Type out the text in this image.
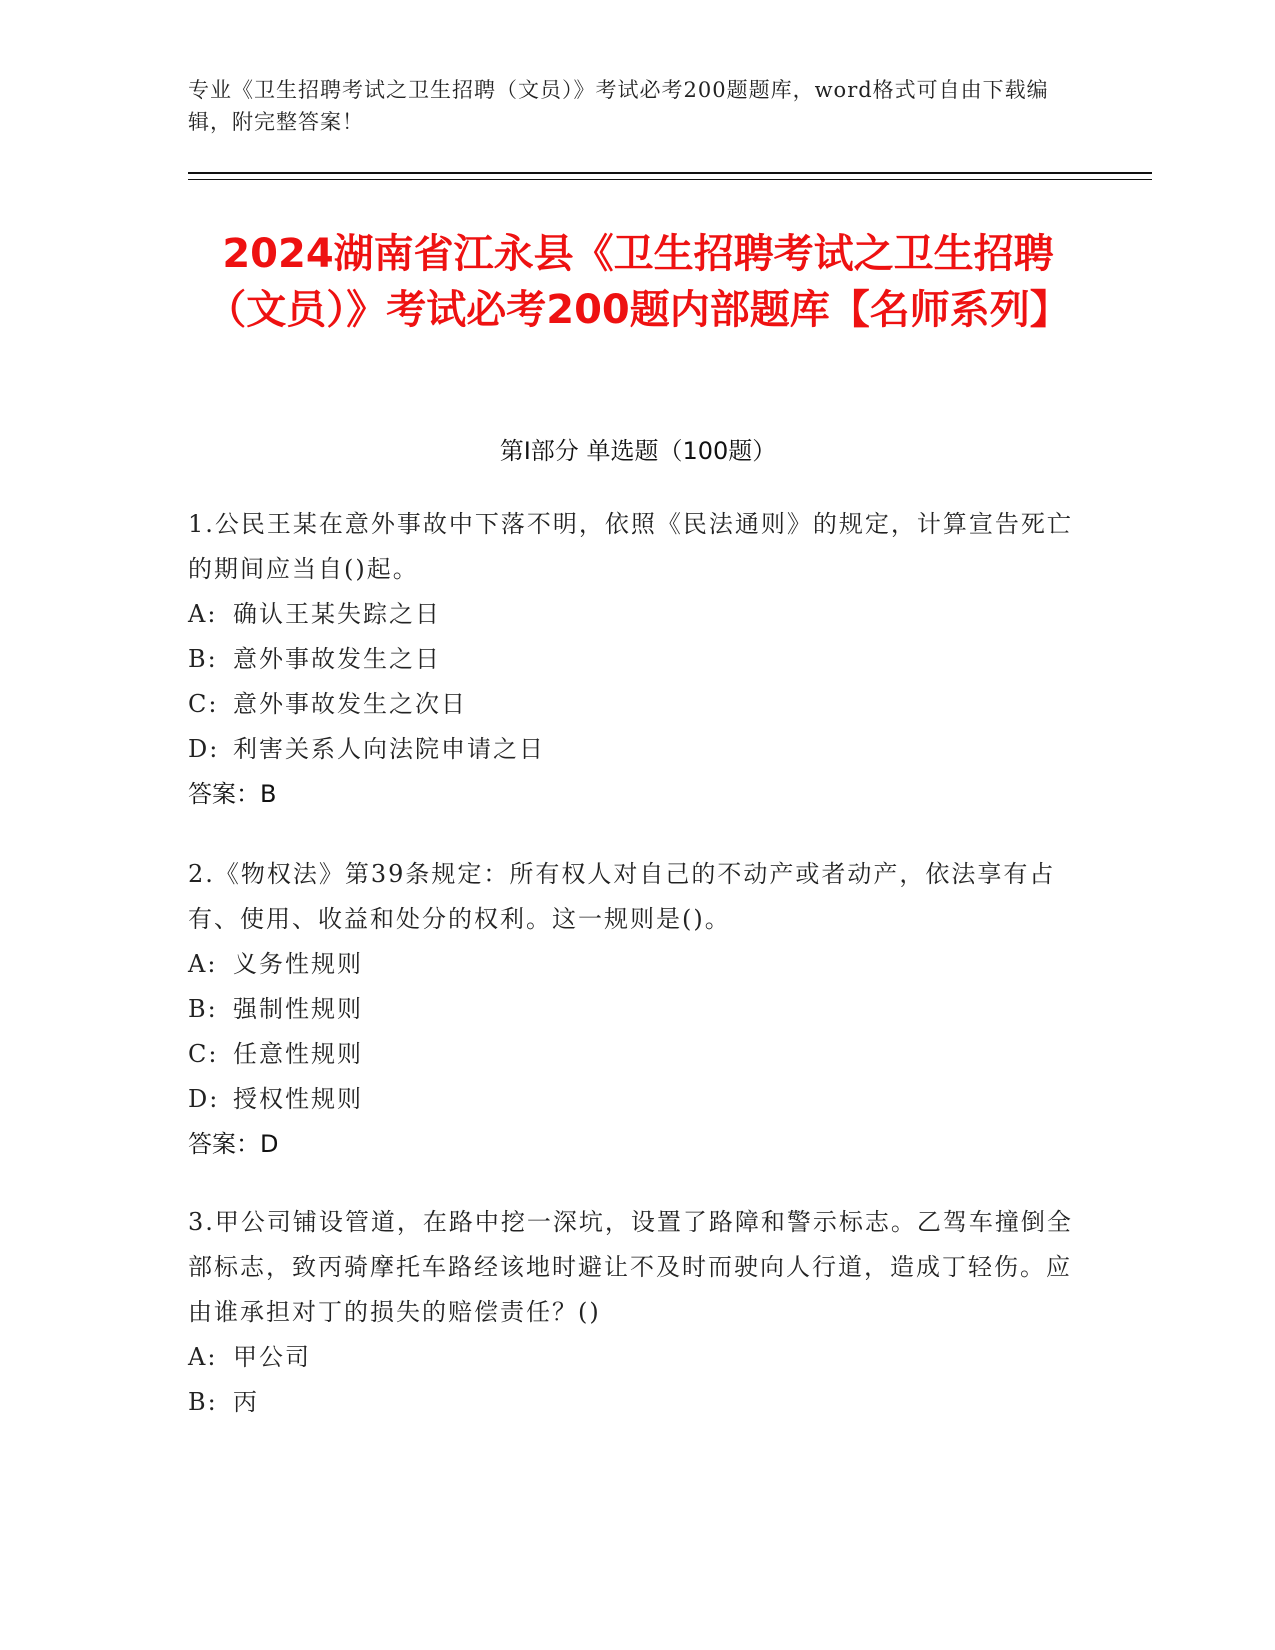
专业《卫生招聘考试之卫生招聘（文员）》考试必考200题题库，word格式可自由下载编辑，附完整答案！
2024湖南省江永县《卫生招聘考试之卫生招聘（文员）》考试必考200题内部题库【名师系列】
第I部分 单选题（100题）
1.公民王某在意外事故中下落不明，依照《民法通则》的规定，计算宣告死亡的期间应当自()起。
A: 确认王某失踪之日
B: 意外事故发生之日
C: 意外事故发生之次日
D: 利害关系人向法院申请之日
答案：B
2.《物权法》第39条规定：所有权人对自己的不动产或者动产，依法享有占有、使用、收益和处分的权利。这一规则是()。
A: 义务性规则
B: 强制性规则
C: 任意性规则
D: 授权性规则
答案：D
3.甲公司铺设管道，在路中挖一深坑，设置了路障和警示标志。乙驾车撞倒全部标志，致丙骑摩托车路经该地时避让不及时而驶向人行道，造成丁轻伤。应由谁承担对丁的损失的赔偿责任？()
A: 甲公司
B: 丙
